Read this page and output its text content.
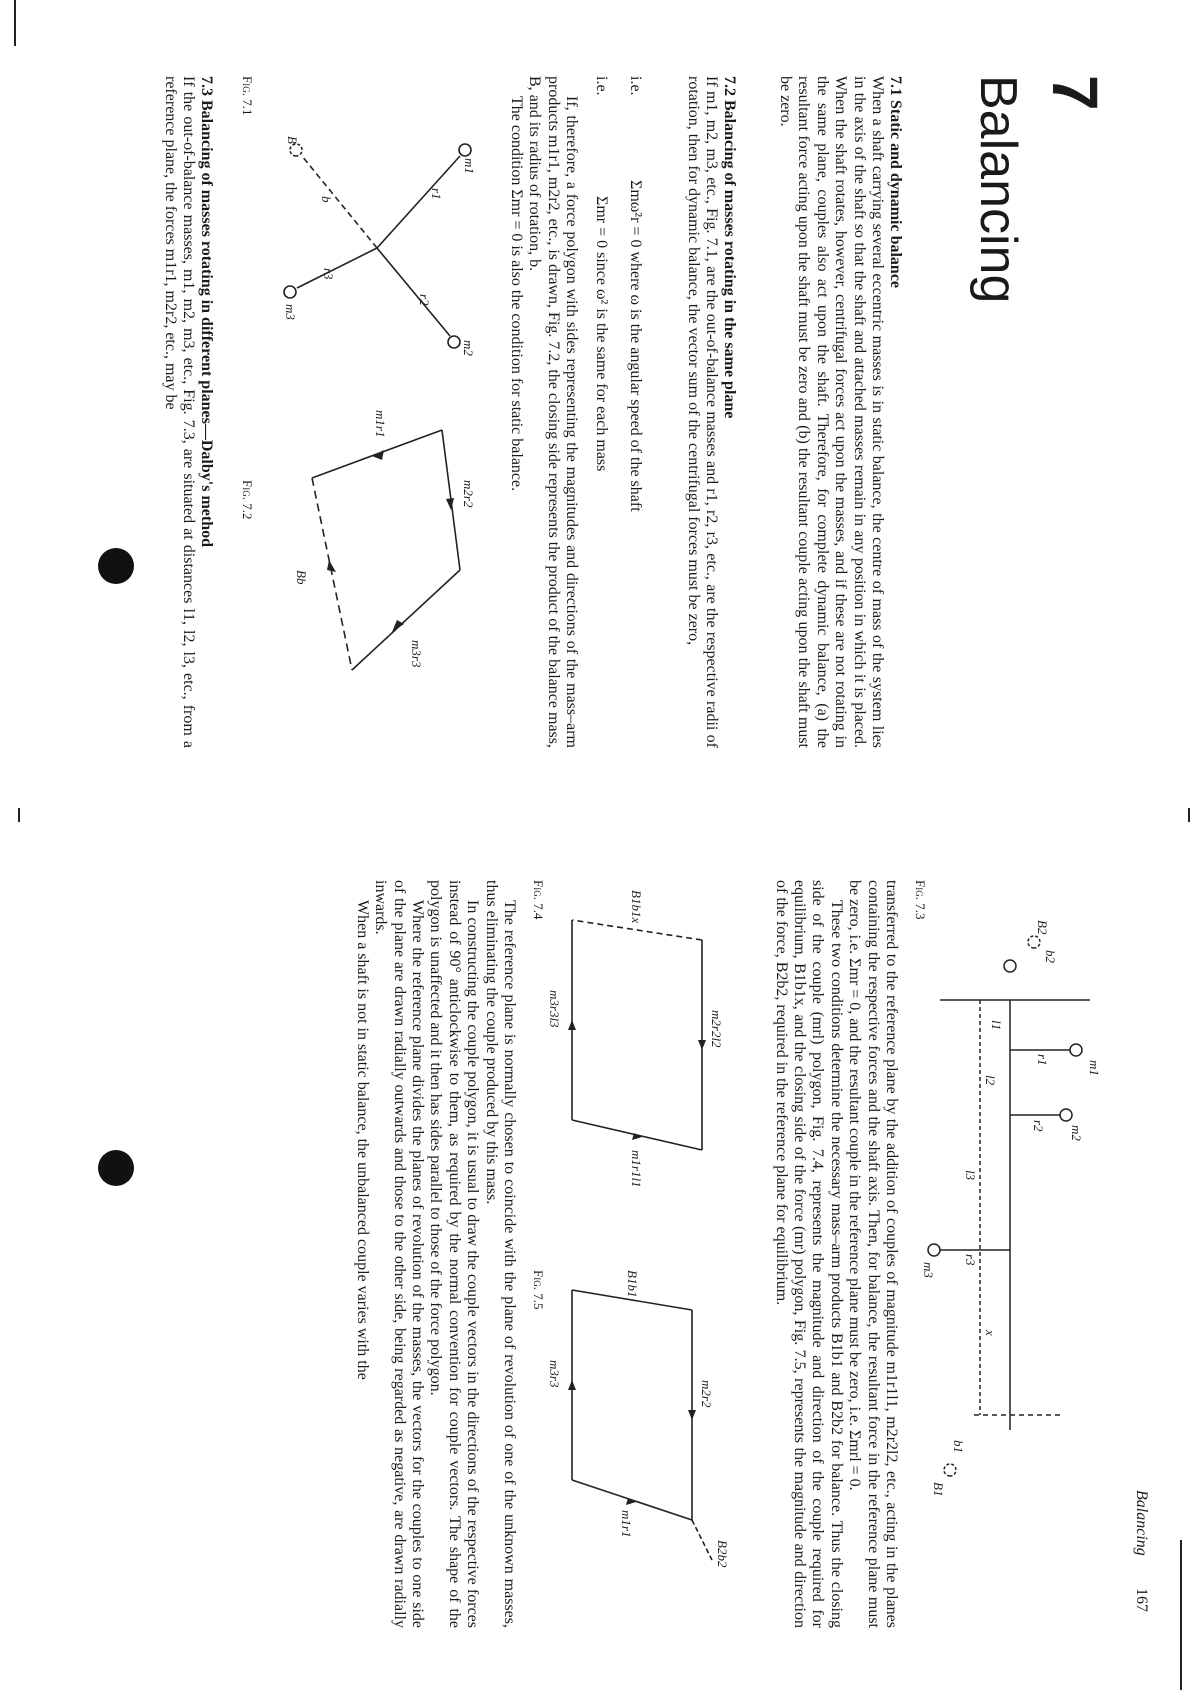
7
Balancing

7.1 Static and dynamic balance

When a shaft carrying several eccentric masses is in static balance, the centre of mass of the system lies in the axis of the shaft so that the shaft and attached masses remain in any position in which it is placed. When the shaft rotates, however, centrifugal forces act upon the masses, and if these are not rotating in the same plane, couples also act upon the shaft. Therefore, for complete dynamic balance, (a) the resultant force acting upon the shaft must be zero and (b) the resultant couple acting upon the shaft must be zero.

7.2 Balancing of masses rotating in the same plane

If m1, m2, m3, etc., Fig. 7.1, are the out-of-balance masses and r1, r2, r3, etc., are the respective radii of rotation, then for dynamic balance, the vector sum of the centrifugal forces must be zero,

i.e.
Σmω²r = 0 where ω is the angular speed of the shaft
i.e.
Σmr = 0 since ω² is the same for each mass

If, therefore, a force polygon with sides representing the magnitudes and directions of the mass–arm products m1r1, m2r2, etc., is drawn, Fig. 7.2, the closing side represents the product of the balance mass, B, and its radius of rotation, b.

The condition Σmr = 0 is also the condition for static balance.

m1
m2
m3
r1
r2
r3
B
b
Fig. 7.1
m2r2
m1r1
m3r3
Bb
Fig. 7.2

7.3 Balancing of masses rotating in different planes—Dalby's method

If the out-of-balance masses, m1, m2, m3, etc., Fig. 7.3, are situated at distances l1, l2, l3, etc., from a reference plane, the forces m1r1, m2r2, etc., may be

Balancing
167
m1
m2
m3
r1
r2
r3
l1
l2
l3
x
b1
b2
B1
B2
Fig. 7.3

transferred to the reference plane by the addition of couples of magnitude m1r1l1, m2r2l2, etc., acting in the planes containing the respective forces and the shaft axis. Then, for balance, the resultant force in the reference plane must be zero, i.e. Σmr = 0, and the resultant couple in the reference plane must be zero, i.e. Σmrl = 0.

These two conditions determine the necessary mass–arm products B1b1 and B2b2 for balance. Thus the closing side of the couple (mrl) polygon, Fig. 7.4, represents the magnitude and direction of the couple required for equilibrium, B1b1x, and the closing side of the force (mr) polygon, Fig. 7.5, represents the magnitude and direction of the force, B2b2, required in the reference plane for equilibrium.

m2r2l2
m1r1l1
m3r3l3
B1b1x
Fig. 7.4
m2r2
m1r1
m3r3
B1b1
B2b2
Fig. 7.5

The reference plane is normally chosen to coincide with the plane of revolution of one of the unknown masses, thus eliminating the couple produced by this mass.

In constructing the couple polygon, it is usual to draw the couple vectors in the directions of the respective forces instead of 90° anticlockwise to them, as required by the normal convention for couple vectors. The shape of the polygon is unaffected and it then has sides parallel to those of the force polygon.

Where the reference plane divides the planes of revolution of the masses, the vectors for the couples to one side of the plane are drawn radially outwards and those to the other side, being regarded as negative, are drawn radially inwards.

When a shaft is not in static balance, the unbalanced couple varies with the
